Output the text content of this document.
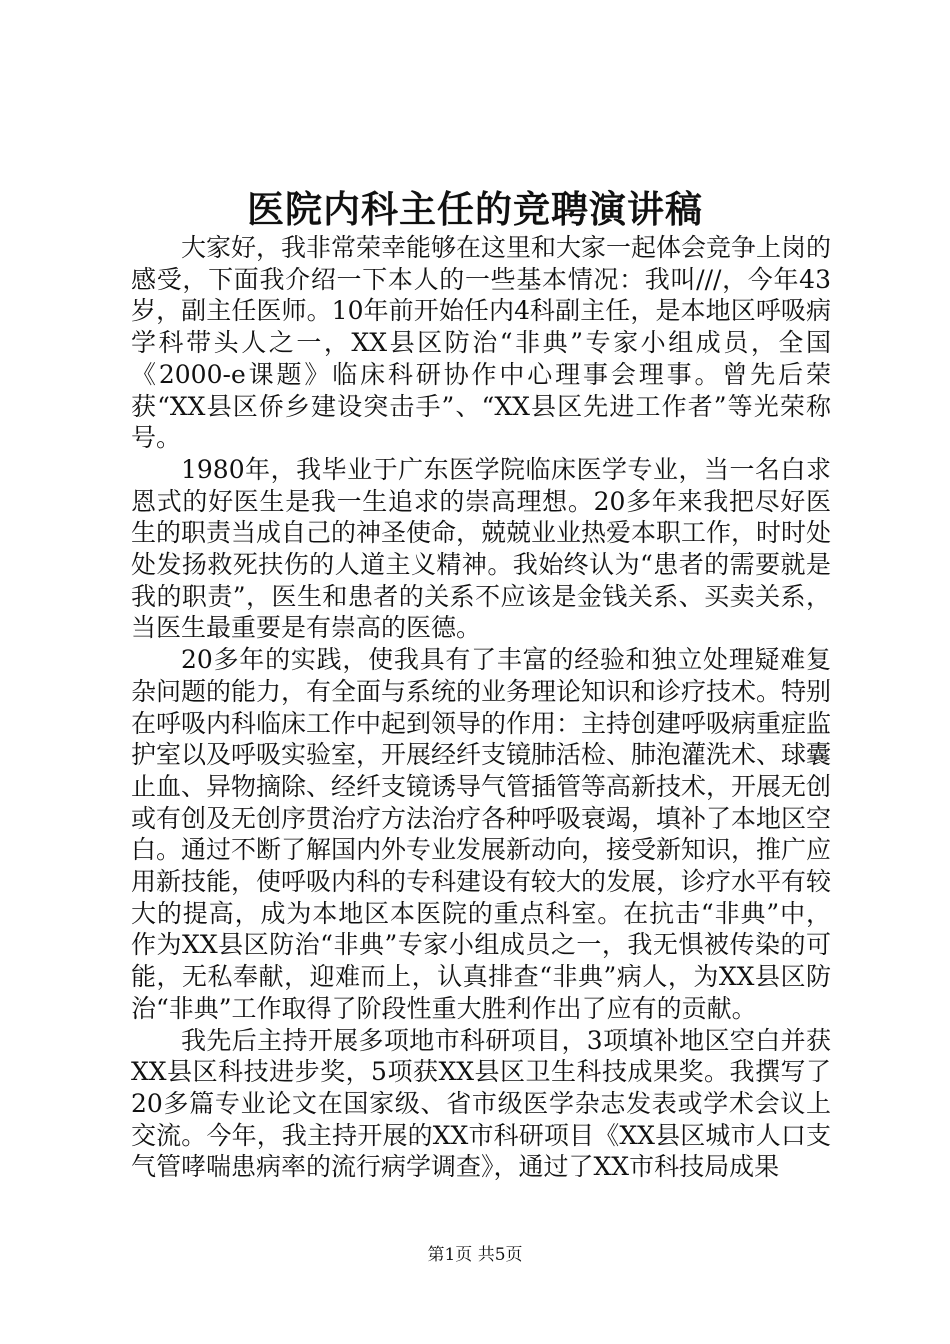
医院内科主任的竞聘演讲稿

大家好，我非常荣幸能够在这里和大家一起体会竞争上岗的感受，下面我介绍一下本人的一些基本情况：我叫///，今年43岁，副主任医师。10年前开始任内4科副主任，是本地区呼吸病学科带头人之一，XX县区防治“非典”专家小组成员，全国《2000-e课题》临床科研协作中心理事会理事。曾先后荣获“XX县区侨乡建设突击手”、“XX县区先进工作者”等光荣称号。

1980年，我毕业于广东医学院临床医学专业，当一名白求恩式的好医生是我一生追求的崇高理想。20多年来我把尽好医生的职责当成自己的神圣使命，兢兢业业热爱本职工作，时时处处发扬救死扶伤的人道主义精神。我始终认为“患者的需要就是我的职责”，医生和患者的关系不应该是金钱关系、买卖关系，当医生最重要是有崇高的医德。

20多年的实践，使我具有了丰富的经验和独立处理疑难复杂问题的能力，有全面与系统的业务理论知识和诊疗技术。特别在呼吸内科临床工作中起到领导的作用：主持创建呼吸病重症监护室以及呼吸实验室，开展经纤支镜肺活检、肺泡灌洗术、球囊止血、异物摘除、经纤支镜诱导气管插管等高新技术，开展无创或有创及无创序贯治疗方法治疗各种呼吸衰竭，填补了本地区空白。通过不断了解国内外专业发展新动向，接受新知识，推广应用新技能，使呼吸内科的专科建设有较大的发展，诊疗水平有较大的提高，成为本地区本医院的重点科室。在抗击“非典”中，作为XX县区防治“非典”专家小组成员之一，我无惧被传染的可能，无私奉献，迎难而上，认真排查“非典”病人，为XX县区防治“非典”工作取得了阶段性重大胜利作出了应有的贡献。

我先后主持开展多项地市科研项目，3项填补地区空白并获XX县区科技进步奖，5项获XX县区卫生科技成果奖。我撰写了20多篇专业论文在国家级、省市级医学杂志发表或学术会议上交流。今年，我主持开展的XX市科研项目《XX县区城市人口支气管哮喘患病率的流行病学调查》，通过了XX市科技局成果

第1页 共5页
